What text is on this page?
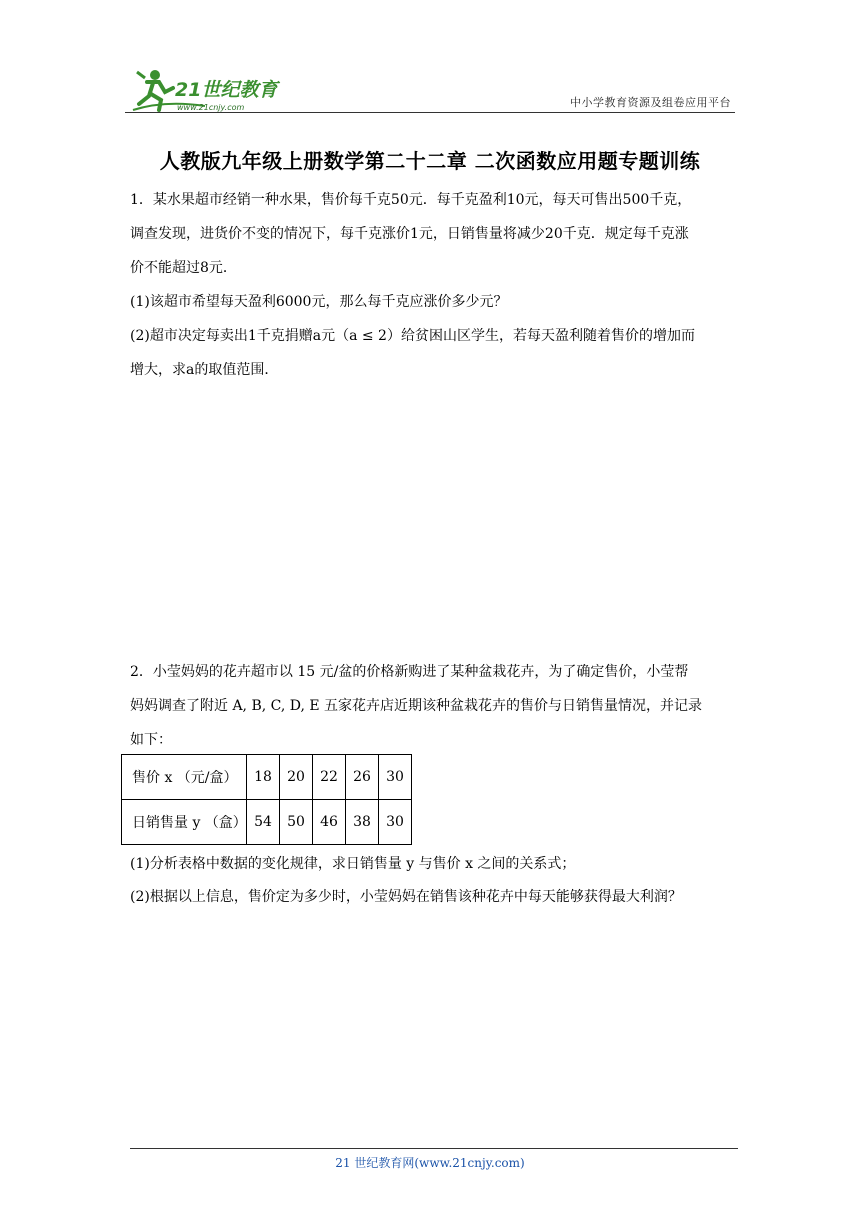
21世纪教育
www.21cnjy.com	中小学教育资源及组卷应用平台
人教版九年级上册数学第二十二章 二次函数应用题专题训练
1．某水果超市经销一种水果，售价每千克50元．每千克盈利10元，每天可售出500千克，
调查发现，进货价不变的情况下，每千克涨价1元，日销售量将减少20千克．规定每千克涨
价不能超过8元．
(1)该超市希望每天盈利6000元，那么每千克应涨价多少元？
(2)超市决定每卖出1千克捐赠a元（a ≤ 2）给贫困山区学生，若每天盈利随着售价的增加而
增大，求a的取值范围．
2．小莹妈妈的花卉超市以 15 元/盆的价格新购进了某种盆栽花卉，为了确定售价，小莹帮
妈妈调查了附近 A, B, C, D, E 五家花卉店近期该种盆栽花卉的售价与日销售量情况，并记录
如下：
售价 x （元/盒）	18	20	22	26	30
日销售量 y （盒）	54	50	46	38	30
(1)分析表格中数据的变化规律，求日销售量 y 与售价 x 之间的关系式；
(2)根据以上信息，售价定为多少时，小莹妈妈在销售该种花卉中每天能够获得最大利润？
21 世纪教育网(www.21cnjy.com)
